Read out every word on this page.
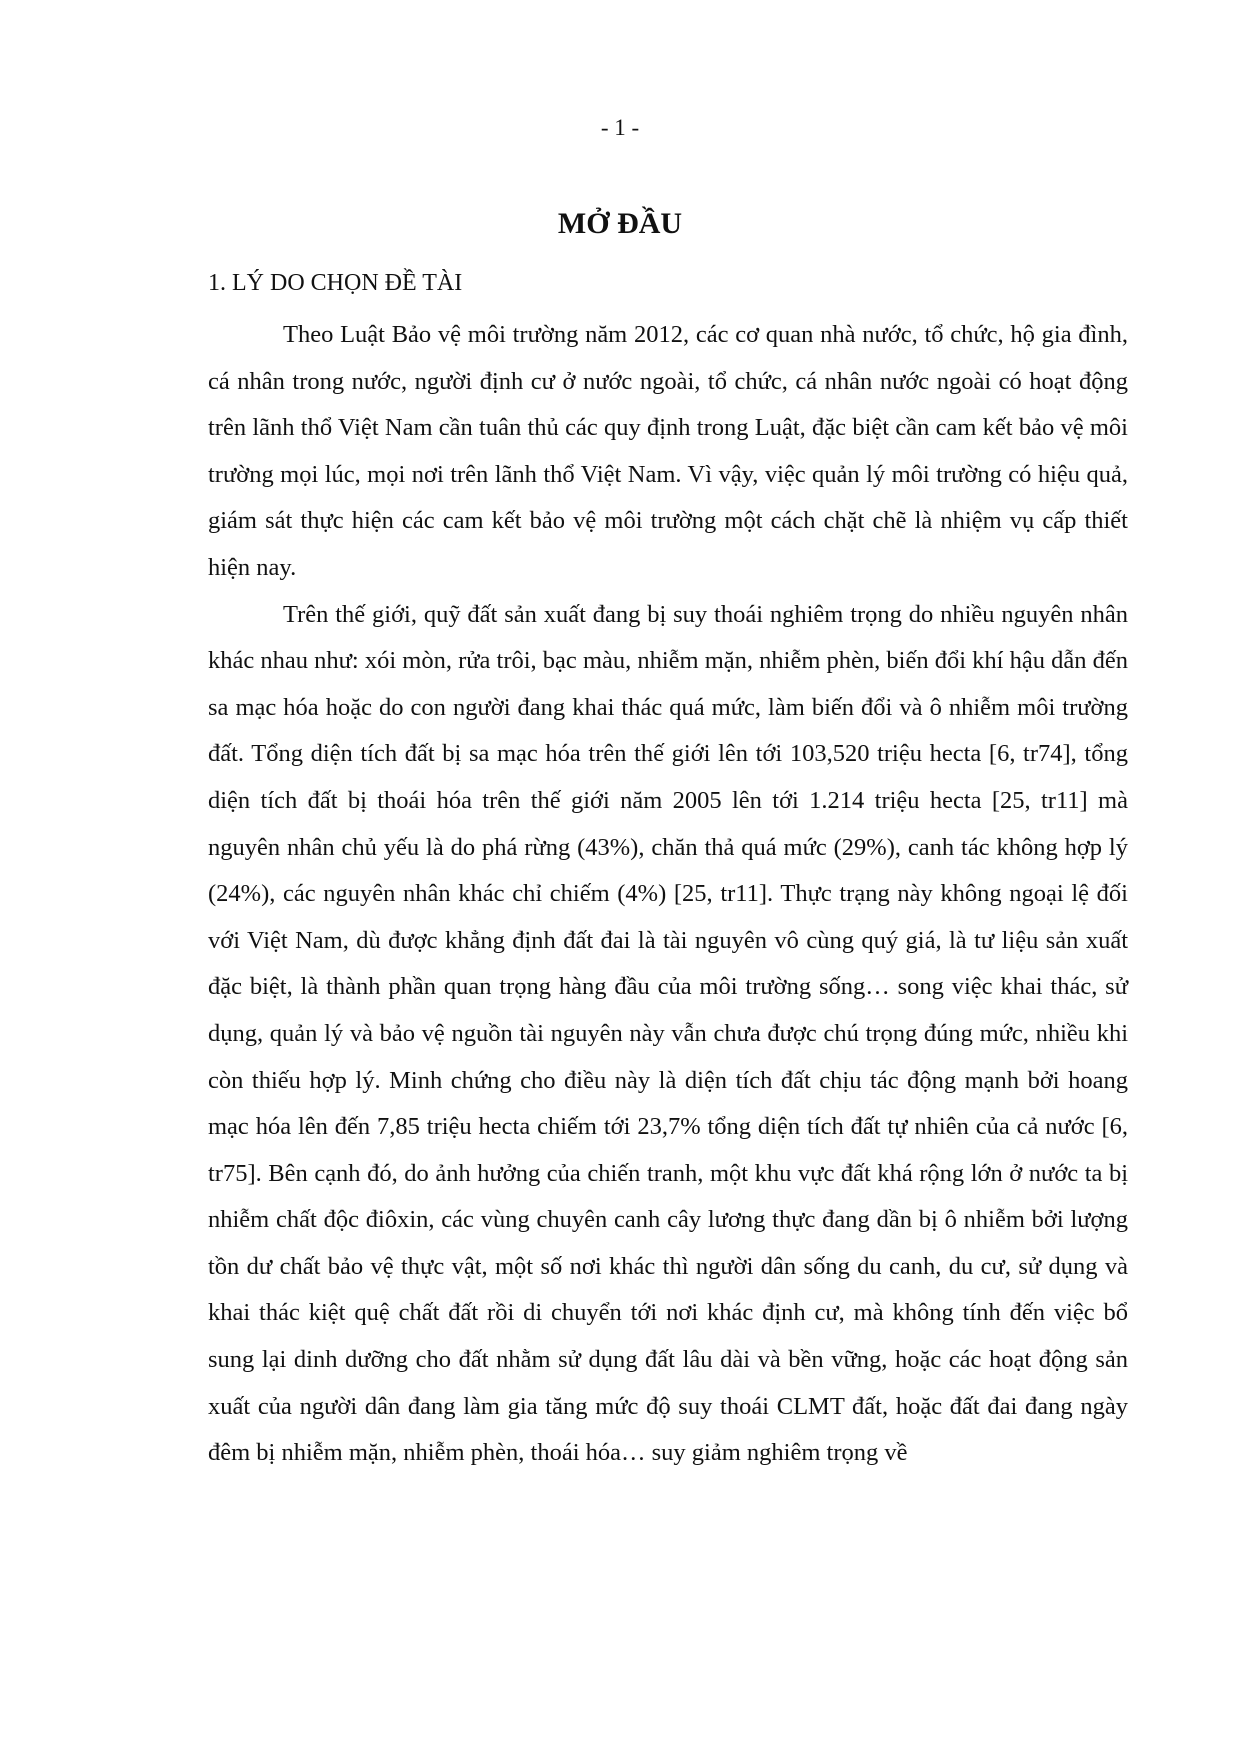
- 1 -
MỞ ĐẦU
1. LÝ DO CHỌN ĐỀ TÀI

Theo Luật Bảo vệ môi trường năm 2012, các cơ quan nhà nước, tổ chức, hộ gia đình, cá nhân trong nước, người định cư ở nước ngoài, tổ chức, cá nhân nước ngoài có hoạt động trên lãnh thổ Việt Nam cần tuân thủ các quy định trong Luật, đặc biệt cần cam kết bảo vệ môi trường mọi lúc, mọi nơi trên lãnh thổ Việt Nam. Vì vậy, việc quản lý môi trường có hiệu quả, giám sát thực hiện các cam kết bảo vệ môi trường một cách chặt chẽ là nhiệm vụ cấp thiết hiện nay.

Trên thế giới, quỹ đất sản xuất đang bị suy thoái nghiêm trọng do nhiều nguyên nhân khác nhau như: xói mòn, rửa trôi, bạc màu, nhiễm mặn, nhiễm phèn, biến đổi khí hậu dẫn đến sa mạc hóa hoặc do con người đang khai thác quá mức, làm biến đổi và ô nhiễm môi trường đất. Tổng diện tích đất bị sa mạc hóa trên thế giới lên tới 103,520 triệu hecta [6, tr74], tổng diện tích đất bị thoái hóa trên thế giới năm 2005 lên tới 1.214 triệu hecta [25, tr11] mà nguyên nhân chủ yếu là do phá rừng (43%), chăn thả quá mức (29%), canh tác không hợp lý (24%), các nguyên nhân khác chỉ chiếm (4%) [25, tr11]. Thực trạng này không ngoại lệ đối với Việt Nam, dù được khẳng định đất đai là tài nguyên vô cùng quý giá, là tư liệu sản xuất đặc biệt, là thành phần quan trọng hàng đầu của môi trường sống… song việc khai thác, sử dụng, quản lý và bảo vệ nguồn tài nguyên này vẫn chưa được chú trọng đúng mức, nhiều khi còn thiếu hợp lý. Minh chứng cho điều này là diện tích đất chịu tác động mạnh bởi hoang mạc hóa lên đến 7,85 triệu hecta chiếm tới 23,7% tổng diện tích đất tự nhiên của cả nước [6, tr75]. Bên cạnh đó, do ảnh hưởng của chiến tranh, một khu vực đất khá rộng lớn ở nước ta bị nhiễm chất độc điôxin, các vùng chuyên canh cây lương thực đang dần bị ô nhiễm bởi lượng tồn dư chất bảo vệ thực vật, một số nơi khác thì người dân sống du canh, du cư, sử dụng và khai thác kiệt quệ chất đất rồi di chuyển tới nơi khác định cư, mà không tính đến việc bổ sung lại dinh dưỡng cho đất nhằm sử dụng đất lâu dài và bền vững, hoặc các hoạt động sản xuất của người dân đang làm gia tăng mức độ suy thoái CLMT đất, hoặc đất đai đang ngày đêm bị nhiễm mặn, nhiễm phèn, thoái hóa… suy giảm nghiêm trọng về
